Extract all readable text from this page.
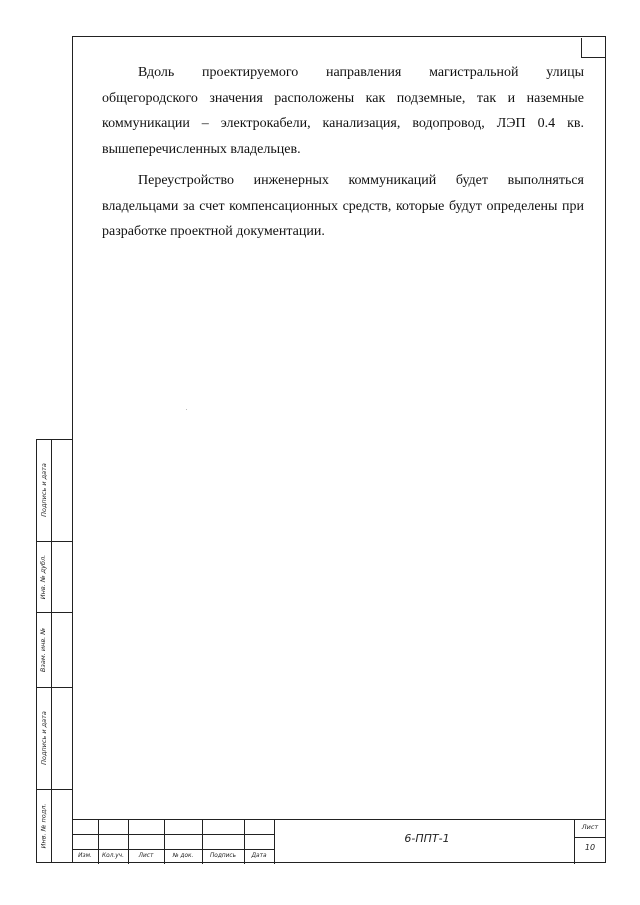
Вдоль проектируемого направления магистральной улицы общегородского значения расположены как подземные, так и наземные коммуникации – электрокабели, канализация, водопровод, ЛЭП 0.4 кв. вышеперечисленных владельцев.

Переустройство инженерных коммуникаций будет выполняться владельцами за счет компенсационных средств, которые будут определены при разработке проектной документации.

Подпись и дата
Инв. № дубл.
Взам. инв. №
Подпись и дата
Инв. № подл.
Изм.	Кол.уч.	Лист	№ док.	Подпись	Дата
6-ППТ-1
Лист
10
